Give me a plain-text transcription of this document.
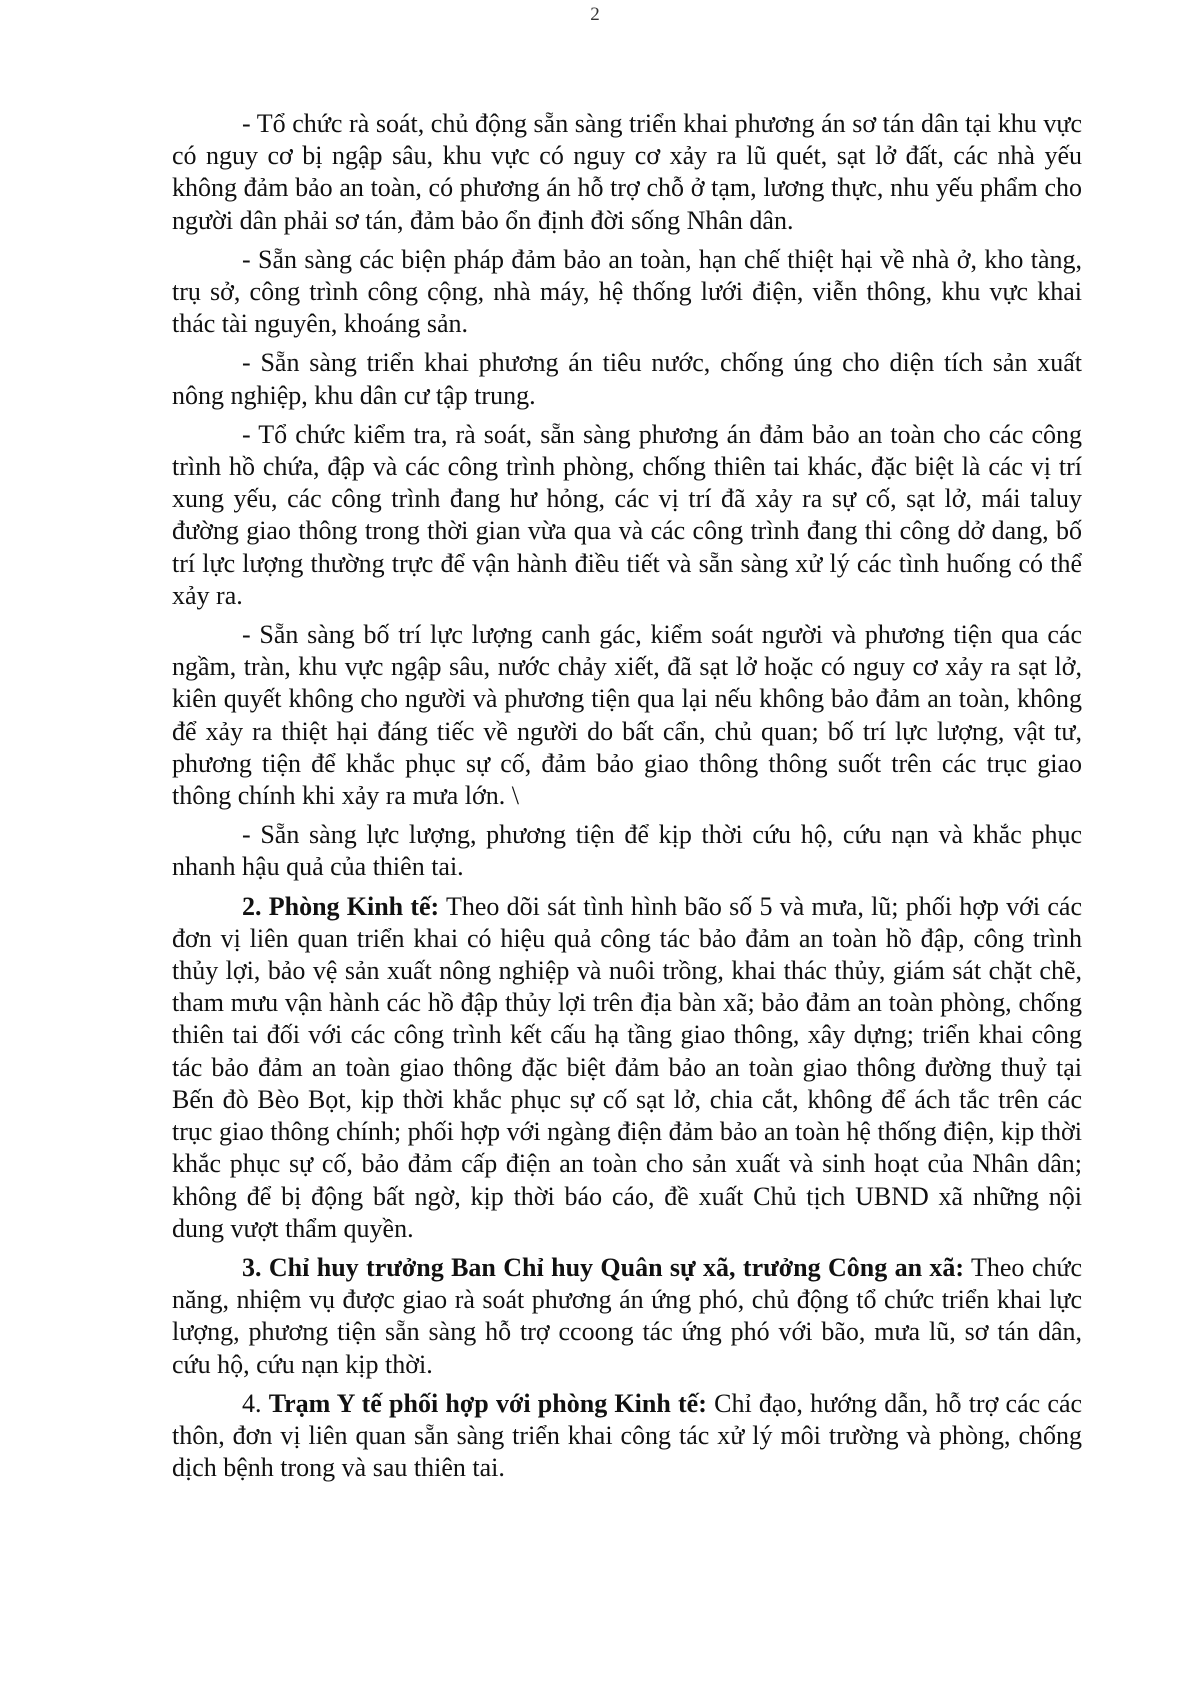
2

- Tổ chức rà soát, chủ động sẵn sàng triển khai phương án sơ tán dân tại khu vực có nguy cơ bị ngập sâu, khu vực có nguy cơ xảy ra lũ quét, sạt lở đất, các nhà yếu không đảm bảo an toàn, có phương án hỗ trợ chỗ ở tạm, lương thực, nhu yếu phẩm cho người dân phải sơ tán, đảm bảo ổn định đời sống Nhân dân.

- Sẵn sàng các biện pháp đảm bảo an toàn, hạn chế thiệt hại về nhà ở, kho tàng, trụ sở, công trình công cộng, nhà máy, hệ thống lưới điện, viễn thông, khu vực khai thác tài nguyên, khoáng sản.

- Sẵn sàng triển khai phương án tiêu nước, chống úng cho diện tích sản xuất nông nghiệp, khu dân cư tập trung.

- Tổ chức kiểm tra, rà soát, sẵn sàng phương án đảm bảo an toàn cho các công trình hồ chứa, đập và các công trình phòng, chống thiên tai khác, đặc biệt là các vị trí xung yếu, các công trình đang hư hỏng, các vị trí đã xảy ra sự cố, sạt lở, mái taluy đường giao thông trong thời gian vừa qua và các công trình đang thi công dở dang, bố trí lực lượng thường trực để vận hành điều tiết và sẵn sàng xử lý các tình huống có thể xảy ra.

- Sẵn sàng bố trí lực lượng canh gác, kiểm soát người và phương tiện qua các ngầm, tràn, khu vực ngập sâu, nước chảy xiết, đã sạt lở hoặc có nguy cơ xảy ra sạt lở, kiên quyết không cho người và phương tiện qua lại nếu không bảo đảm an toàn, không để xảy ra thiệt hại đáng tiếc về người do bất cẩn, chủ quan; bố trí lực lượng, vật tư, phương tiện để khắc phục sự cố, đảm bảo giao thông thông suốt trên các trục giao thông chính khi xảy ra mưa lớn. \

- Sẵn sàng lực lượng, phương tiện để kịp thời cứu hộ, cứu nạn và khắc phục nhanh hậu quả của thiên tai.

2. Phòng Kinh tế: Theo dõi sát tình hình bão số 5 và mưa, lũ; phối hợp với các đơn vị liên quan triển khai có hiệu quả công tác bảo đảm an toàn hồ đập, công trình thủy lợi, bảo vệ sản xuất nông nghiệp và nuôi trồng, khai thác thủy, giám sát chặt chẽ, tham mưu vận hành các hồ đập thủy lợi trên địa bàn xã; bảo đảm an toàn phòng, chống thiên tai đối với các công trình kết cấu hạ tầng giao thông, xây dựng; triển khai công tác bảo đảm an toàn giao thông đặc biệt đảm bảo an toàn giao thông đường thuỷ tại Bến đò Bèo Bọt, kịp thời khắc phục sự cố sạt lở, chia cắt, không để ách tắc trên các trục giao thông chính; phối hợp với ngàng điện đảm bảo an toàn hệ thống điện, kịp thời khắc phục sự cố, bảo đảm cấp điện an toàn cho sản xuất và sinh hoạt của Nhân dân; không để bị động bất ngờ, kịp thời báo cáo, đề xuất Chủ tịch UBND xã những nội dung vượt thẩm quyền.

3. Chỉ huy trưởng Ban Chỉ huy Quân sự xã, trưởng Công an xã: Theo chức năng, nhiệm vụ được giao rà soát phương án ứng phó, chủ động tổ chức triển khai lực lượng, phương tiện sẵn sàng hỗ trợ ccoong tác ứng phó với bão, mưa lũ, sơ tán dân, cứu hộ, cứu nạn kịp thời.

4. Trạm Y tế phối hợp với phòng Kinh tế: Chỉ đạo, hướng dẫn, hỗ trợ các các thôn, đơn vị liên quan sẵn sàng triển khai công tác xử lý môi trường và phòng, chống dịch bệnh trong và sau thiên tai.
